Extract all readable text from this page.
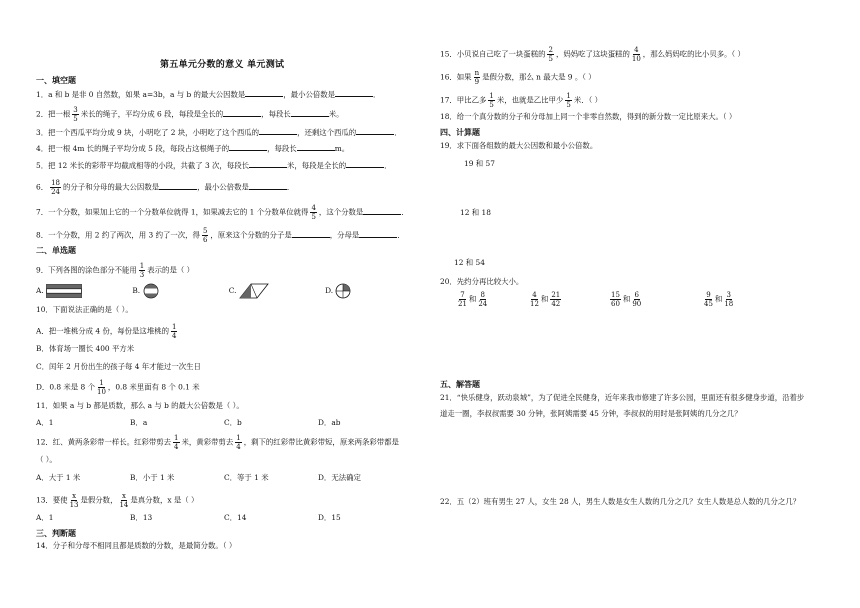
第五单元分数的意义 单元测试
一、填空题
1．a 和 b 是非 0 自然数，如果 a=3b，a 与 b 的最大公因数是	，最小公倍数是	．
2．把一根 $\frac{3}{5}$ 米长的绳子，平均分成 6 段，每段是全长的	，每段长	米。
3．把一个西瓜平均分成 9 块，小明吃了 2 块，小明吃了这个西瓜的	，还剩这个西瓜的	．
4．把一根 4m 长的绳子平均分成 5 段，每段占这根绳子的	，每段长	m。
5．把 12 米长的彩带平均截成相等的小段，共截了 3 次，每段长	米，每段是全长的	．
6． $\frac{18}{24}$ 的分子和分母的最大公因数是	，最小公倍数是	．
7．一个分数，如果加上它的一个分数单位就得 1，如果减去它的 1 个分数单位就得 $\frac{4}{5}$ ，这个分数是	．
8．一个分数，用 2 约了两次，用 3 约了一次，得 $\frac{5}{6}$ ，原来这个分数的分子是	，分母是	．
二、单选题
9．下列各图的涂色部分不能用 $\frac{1}{3}$ 表示的是（ ）
A.	B.	C.	D.
10．下面说法正确的是（ ）。
A．把一堆桃分成 4 份，每份是这堆桃的 $\frac{1}{4}$
B．体育场一圈长 400 平方米
C．闰年 2 月份出生的孩子每 4 年才能过一次生日
D．0.8 米是 8 个 $\frac{1}{10}$ ，0.8 米里面有 8 个 0.1 米
11．如果 a 与 b 都是质数，那么 a 与 b 的最大公倍数是（ ）。
A．1	B．a	C．b	D．ab
12．红、黄两条彩带一样长。红彩带剪去 $\frac{1}{4}$ 米，黄彩带剪去 $\frac{1}{4}$ ，剩下的红彩带比黄彩带短，原来两条彩带都是
（ ）。
A．大于 1 米	B．小于 1 米	C．等于 1 米	D．无法确定
13．要使 $\frac{x}{13}$ 是假分数， $\frac{x}{14}$ 是真分数，x 是（ ）
A．1	B．13	C．14	D．15
三、判断题
14．分子和分母不相同且都是质数的分数，是最简分数。（ ）
15．小贝说自己吃了一块蛋糕的 $\frac{2}{5}$ ，妈妈吃了这块蛋糕的 $\frac{4}{10}$ ，那么妈妈吃的比小贝多。（ ）
16．如果 $\frac{n}{9}$ 是假分数，那么 n 最大是 9 。（ ）
17．甲比乙多 $\frac{1}{5}$ 米，也就是乙比甲少 $\frac{1}{5}$ 米．（ ）
18．给一个真分数的分子和分母加上同一个非零自然数，得到的新分数一定比原来大。（ ）
四、计算题
19．求下面各组数的最大公因数和最小公倍数。
19 和 57
12 和 18
12 和 54
20．先约分再比较大小。
$\frac{7}{21}$ 和 $\frac{8}{24}$	$\frac{4}{12}$ 和 $\frac{21}{42}$	$\frac{15}{60}$ 和 $\frac{6}{90}$	$\frac{9}{45}$ 和 $\frac{3}{18}$
五、解答题
21．“快乐健身，跃动泉城”，为了促进全民健身，近年来我市修建了许多公园，里面还有很多健身步道，沿着步
道走一圈，李叔叔需要 30 分钟，张阿姨需要 45 分钟，李叔叔的用时是张阿姨的几分之几？
22．五（2）班有男生 27 人，女生 28 人，男生人数是女生人数的几分之几？女生人数是总人数的几分之几？
